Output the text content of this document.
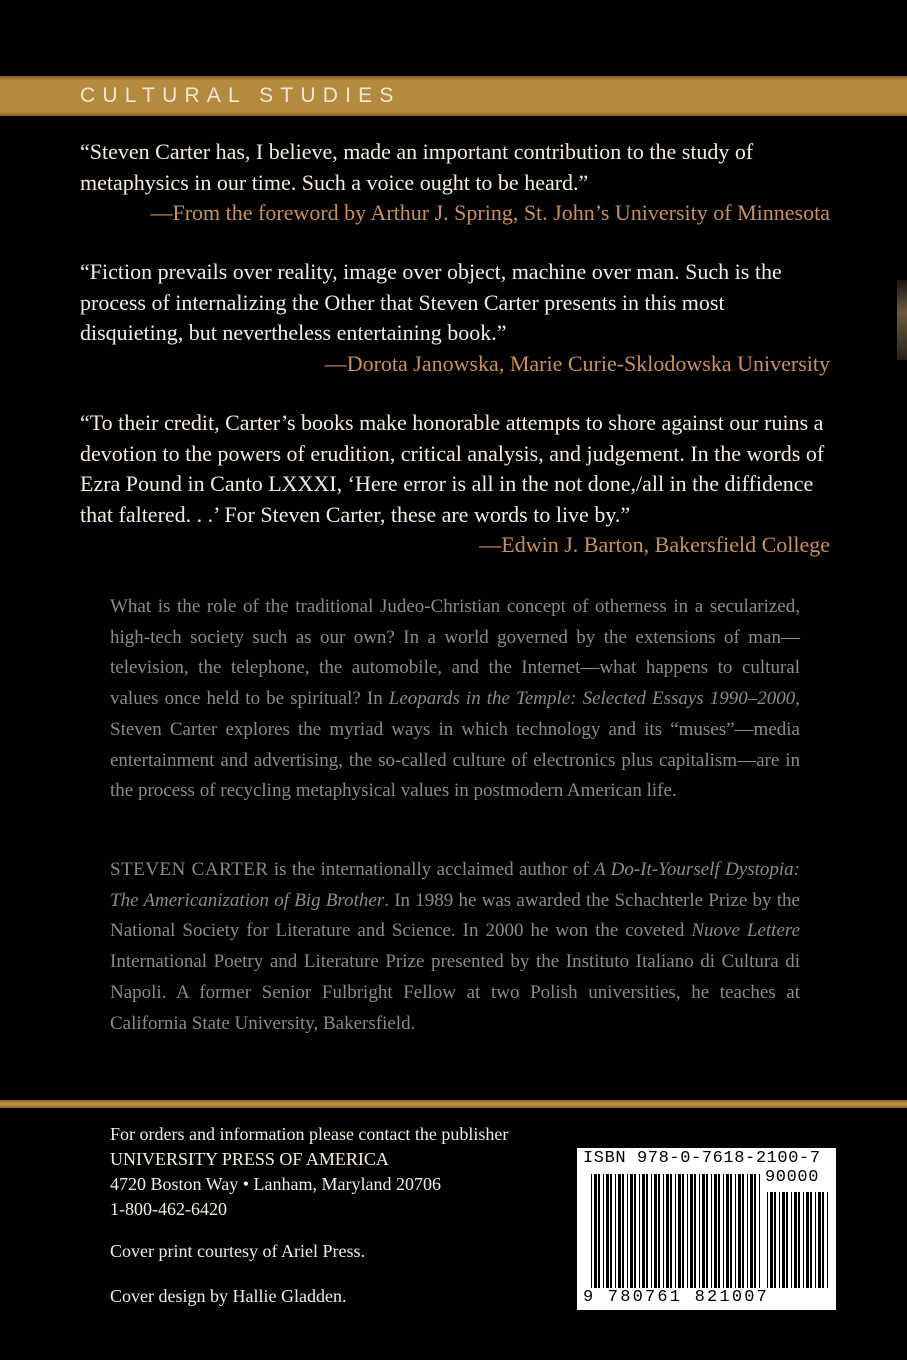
CULTURAL STUDIES
“Steven Carter has, I believe, made an important contribution to the study of metaphysics in our time. Such a voice ought to be heard.”
—From the foreword by Arthur J. Spring, St. John’s University of Minnesota
“Fiction prevails over reality, image over object, machine over man. Such is the process of internalizing the Other that Steven Carter presents in this most disquieting, but nevertheless entertaining book.”
—Dorota Janowska, Marie Curie-Sklodowska University
“To their credit, Carter’s books make honorable attempts to shore against our ruins a devotion to the powers of erudition, critical analysis, and judgement. In the words of Ezra Pound in Canto LXXXI, ‘Here error is all in the not done,/all in the diffidence that faltered. . .’ For Steven Carter, these are words to live by.”
—Edwin J. Barton, Bakersfield College
What is the role of the traditional Judeo-Christian concept of otherness in a secularized, high-tech society such as our own? In a world governed by the extensions of man—television, the telephone, the automobile, and the Internet—what happens to cultural values once held to be spiritual? In Leopards in the Temple: Selected Essays 1990–2000, Steven Carter explores the myriad ways in which technology and its “muses”—media entertainment and advertising, the so-called culture of electronics plus capitalism—are in the process of recycling metaphysical values in postmodern American life.
STEVEN CARTER is the internationally acclaimed author of A Do-It-Yourself Dystopia: The Americanization of Big Brother. In 1989 he was awarded the Schachterle Prize by the National Society for Literature and Science. In 2000 he won the coveted Nuove Lettere International Poetry and Literature Prize presented by the Instituto Italiano di Cultura di Napoli. A former Senior Fulbright Fellow at two Polish universities, he teaches at California State University, Bakersfield.

For orders and information please contact the publisher

UNIVERSITY PRESS OF AMERICA

4720 Boston Way • Lanham, Maryland 20706

1-800-462-6420

Cover print courtesy of Ariel Press.
Cover design by Hallie Gladden.
ISBN 978-0-7618-2100-7
90000
9 780761 821007
